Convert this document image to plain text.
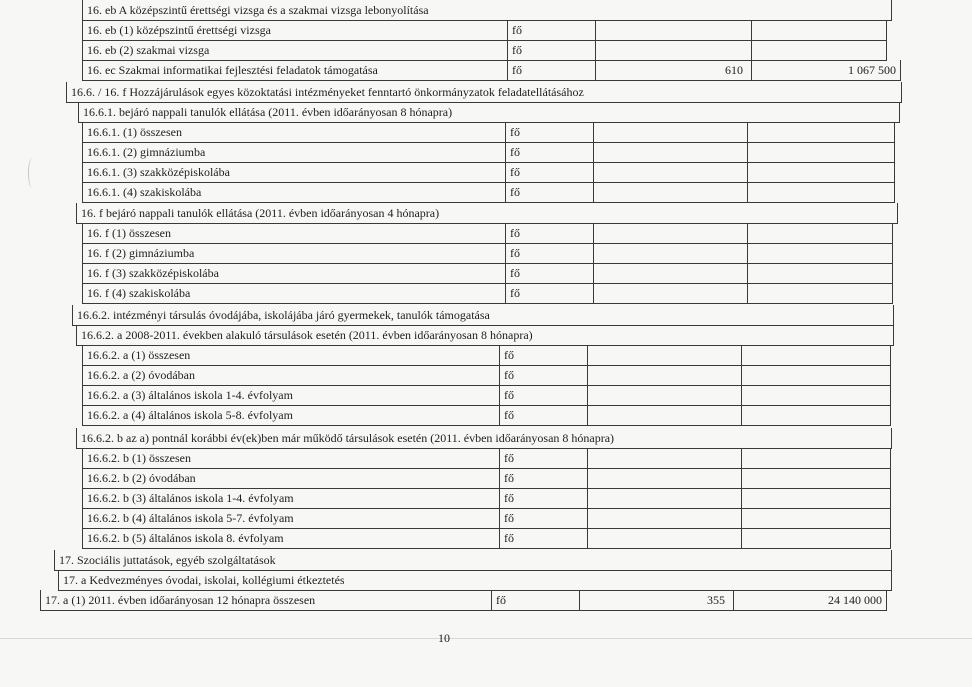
16. eb A középszintű érettségi vizsga és a szakmai vizsga lebonyolítása
16. eb (1) középszintű érettségi vizsga	fő
16. eb (2) szakmai vizsga	fő
16. ec Szakmai informatikai fejlesztési feladatok támogatása	fő	610	1 067 500
16.6. / 16. f Hozzájárulások egyes közoktatási intézményeket fenntartó önkormányzatok feladatellátásához
16.6.1. bejáró nappali tanulók ellátása (2011. évben időarányosan 8 hónapra)
16.6.1. (1) összesen	fő
16.6.1. (2) gimnáziumba	fő
16.6.1. (3) szakközépiskolába	fő
16.6.1. (4) szakiskolába	fő
16. f bejáró nappali tanulók ellátása (2011. évben időarányosan 4 hónapra)
16. f (1) összesen	fő
16. f (2) gimnáziumba	fő
16. f (3) szakközépiskolába	fő
16. f (4) szakiskolába	fő
16.6.2. intézményi társulás óvodájába, iskolájába járó gyermekek, tanulók támogatása
16.6.2. a 2008-2011. években alakuló társulások esetén (2011. évben időarányosan 8 hónapra)
16.6.2. a (1) összesen	fő
16.6.2. a (2) óvodában	fő
16.6.2. a (3) általános iskola 1-4. évfolyam	fő
16.6.2. a (4) általános iskola 5-8. évfolyam	fő
16.6.2. b az a) pontnál korábbi év(ek)ben már működő társulások esetén (2011. évben időarányosan 8 hónapra)
16.6.2. b (1) összesen	fő
16.6.2. b (2) óvodában	fő
16.6.2. b (3) általános iskola 1-4. évfolyam	fő
16.6.2. b (4) általános iskola 5-7. évfolyam	fő
16.6.2. b (5) általános iskola 8. évfolyam	fő
17. Szociális juttatások, egyéb szolgáltatások
17. a Kedvezményes óvodai, iskolai, kollégiumi étkeztetés
17. a (1) 2011. évben időarányosan 12 hónapra összesen	fő	355	24 140 000
10
